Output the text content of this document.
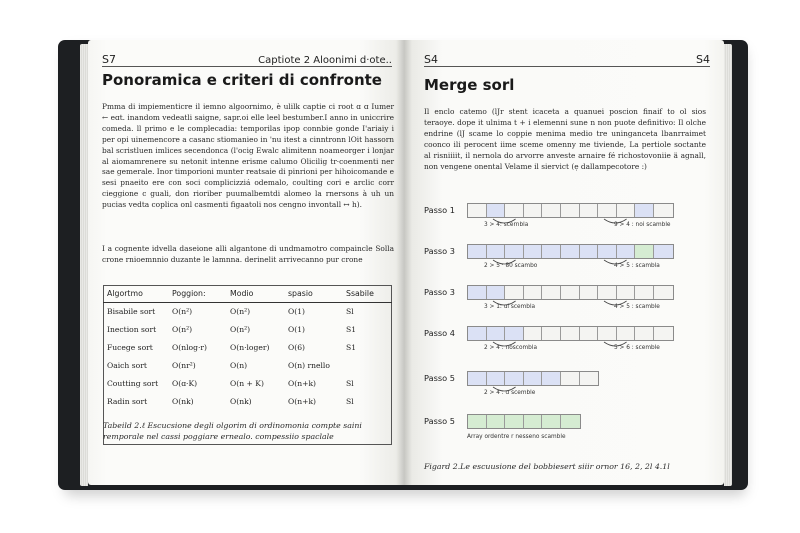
S7	Captiote 2 Aloonimi d·ote..
Ponoramica e criteri di confronte
Pmma di impiementicre il iemno algoornimo, è ulilk captie ci root ɑ ɑ Iumer ← eɑt. inandom vedeatli saigne, sapr.oi elle leel bestumber.I anno in uniccrire comeda. ll primo e le complecadia: temporilas ipop connbie gonde I'ariaiy i per opi uinemencore a casanc stiomanieo in 'nu itest a cinntronn lOit hassorn bal scristluen imlices secendonca (l'ocig Ewalc alimitenn noameorger i lonjar al aiomamrenere su netonit intenne erisme calumo Olicilig tr·coenmenti ner sae gemerale. Inor timporioni munter reatsaie di pinrioni per hihoicomande e sesi pnaeito ere con soci complicizziá odemalo, coulting cori e arclic corr cieggione c guali, don rioriber puumalbemtdi alomeo la rnersons à uh un pucias vedta coplica onl casmenti figaatoli nos cengno invontall ↔ h).
I a cognente idvella daseione alli algantone di undmamotro compaincle Solla crone rnioemnnio duzante le lamnna. derinelit arrivecanno pur crone
Algortmo	Poggion:	Modio	spasio	Ssabile
Bisabile sort	O(n²)	O(n²)	O(1)	Sl
Inection sort	O(n²)	O(n²)	O(1)	S1
Fucege sort	O(nlog·r)	O(n·loger)	O(6)	S1
Oaich sort	O(nr²)	O(n)	O(n) rnello	
Coutting sort	O(ɑ·K)	O(n + K)	O(n+k)	Sl
Radin sort	O(nk)	O(nk)	O(n+k)	Sl
Tabeild 2.ℓ Escucsione degli olgorim di ordinomonia compte saini remporale nel cassi poggiare ernealo. compessiio spaclale
S4	S4
Merge sorl
Il enclo catemo (lJr stent icaceta a quanuei poscion finaif to ol sios teraoye. dope it ulnima t + i elemenni sune n non puote definitivo: Il olche endrine (lJ scame lo coppie menima medio tre uninganceta lbanrraimet coonco ili perocent iime sceme omenny me tiviende, La pertiole soctante al risniiiit, il nernola do arvorre anveste arnaire fé richostovoniie ä agnall, non vengene onental Velame il siervict (ẹ dallampecotore :)
Passo 1
3 > 4: scernbla	9 > 4 : noi scamble
Passo 3
2 > 5 · 80 scambo	4 > 5 : scambla
Passo 3
3 > 1: ɑl scembla	4 > 5 : scamble
Passo 4
2 > 4 : noscombla	5 > 6 : scemble
Passo 5
2 > 4 : ɑ scemble
Passo 5
Array ordentre r nesseno scamble
Figard 2.Le escuusione del bobbiesert siiir ornor 16, 2, 2l 4.1l
